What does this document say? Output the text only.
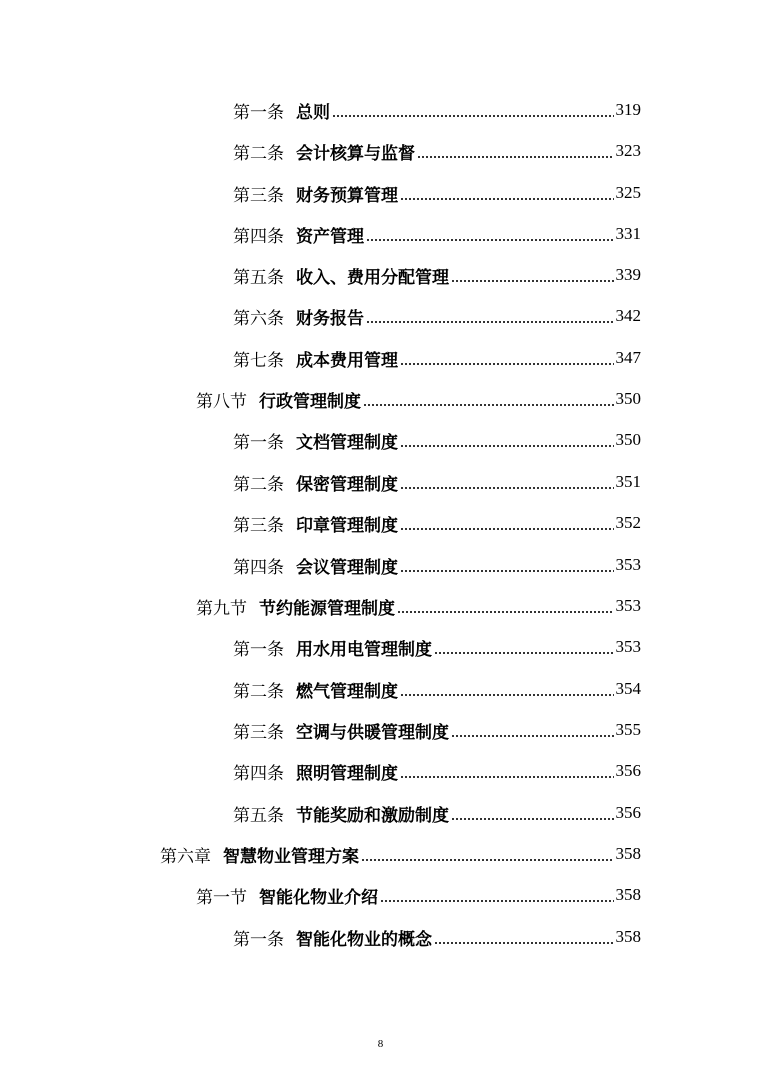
第一条 总则	319
第二条 会计核算与监督	323
第三条 财务预算管理	325
第四条 资产管理	331
第五条 收入、费用分配管理	339
第六条 财务报告	342
第七条 成本费用管理	347
第八节 行政管理制度	350
第一条 文档管理制度	350
第二条 保密管理制度	351
第三条 印章管理制度	352
第四条 会议管理制度	353
第九节 节约能源管理制度	353
第一条 用水用电管理制度	353
第二条 燃气管理制度	354
第三条 空调与供暖管理制度	355
第四条 照明管理制度	356
第五条 节能奖励和激励制度	356
第六章 智慧物业管理方案	358
第一节 智能化物业介绍	358
第一条 智能化物业的概念	358
8
